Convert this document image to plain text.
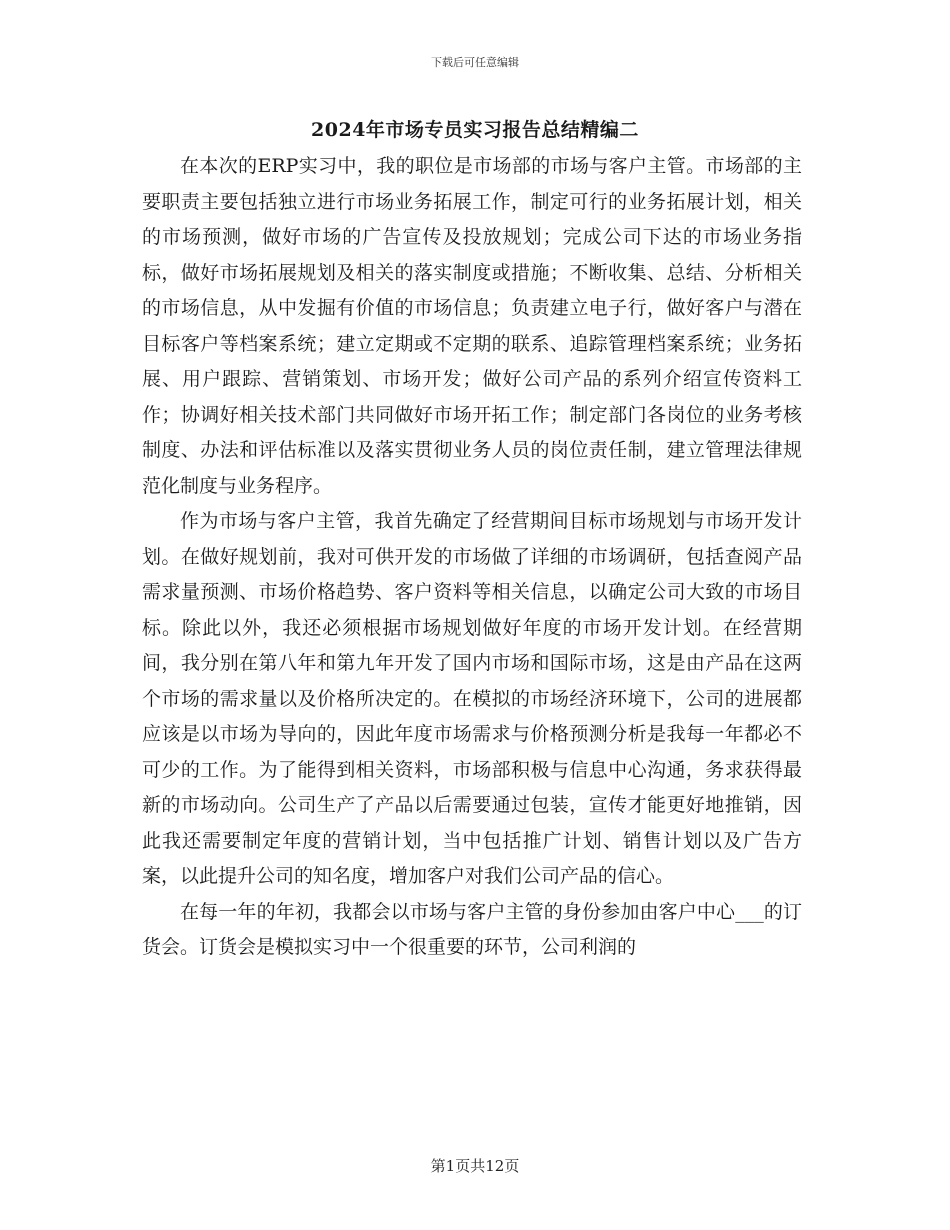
下载后可任意编辑
2024年市场专员实习报告总结精编二

在本次的ERP实习中，我的职位是市场部的市场与客户主管。市场部的主要职责主要包括独立进行市场业务拓展工作，制定可行的业务拓展计划，相关的市场预测，做好市场的广告宣传及投放规划；完成公司下达的市场业务指标，做好市场拓展规划及相关的落实制度或措施；不断收集、总结、分析相关的市场信息，从中发掘有价值的市场信息；负责建立电子行，做好客户与潜在目标客户等档案系统；建立定期或不定期的联系、追踪管理档案系统；业务拓展、用户跟踪、营销策划、市场开发；做好公司产品的系列介绍宣传资料工作；协调好相关技术部门共同做好市场开拓工作；制定部门各岗位的业务考核制度、办法和评估标准以及落实贯彻业务人员的岗位责任制，建立管理法律规范化制度与业务程序。

作为市场与客户主管，我首先确定了经营期间目标市场规划与市场开发计划。在做好规划前，我对可供开发的市场做了详细的市场调研，包括查阅产品需求量预测、市场价格趋势、客户资料等相关信息，以确定公司大致的市场目标。除此以外，我还必须根据市场规划做好年度的市场开发计划。在经营期间，我分别在第八年和第九年开发了国内市场和国际市场，这是由产品在这两个市场的需求量以及价格所决定的。在模拟的市场经济环境下，公司的进展都应该是以市场为导向的，因此年度市场需求与价格预测分析是我每一年都必不可少的工作。为了能得到相关资料，市场部积极与信息中心沟通，务求获得最新的市场动向。公司生产了产品以后需要通过包装，宣传才能更好地推销，因此我还需要制定年度的营销计划，当中包括推广计划、销售计划以及广告方案，以此提升公司的知名度，增加客户对我们公司产品的信心。

在每一年的年初，我都会以市场与客户主管的身份参加由客户中心___的订货会。订货会是模拟实习中一个很重要的环节，公司利润的

第1页共12页
